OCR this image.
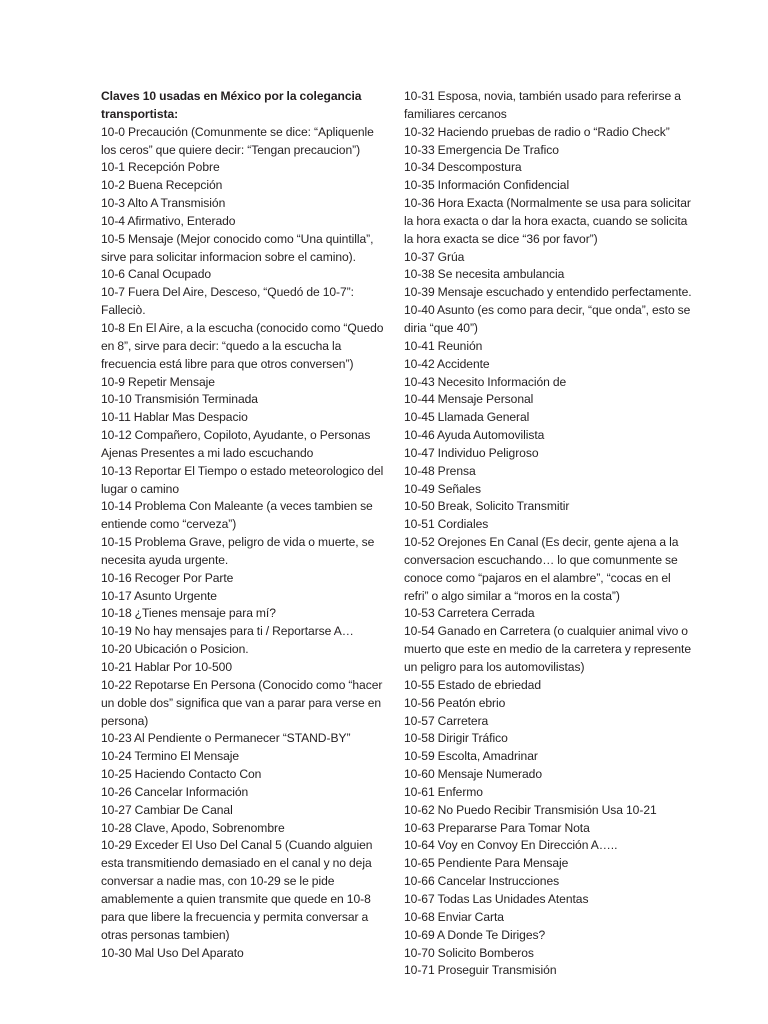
Claves 10 usadas en México por la colegancia transportista:
10-0 Precaución (Comunmente se dice: “Apliquenle los ceros” que quiere decir: “Tengan precaucion”)
10-1 Recepción Pobre
10-2 Buena Recepción
10-3 Alto A Transmisión
10-4 Afirmativo, Enterado
10-5 Mensaje (Mejor conocido como “Una quintilla”, sirve para solicitar informacion sobre el camino).
10-6 Canal Ocupado
10-7 Fuera Del Aire, Desceso, “Quedó de 10-7”: Falleciò.
10-8 En El Aire, a la escucha (conocido como “Quedo en 8”, sirve para decir: “quedo a la escucha la frecuencia está libre para que otros conversen”)
10-9 Repetir Mensaje
10-10 Transmisión Terminada
10-11 Hablar Mas Despacio
10-12 Compañero, Copiloto, Ayudante, o Personas Ajenas Presentes a mi lado escuchando
10-13 Reportar El Tiempo o estado meteorologico del lugar o camino
10-14 Problema Con Maleante (a veces tambien se entiende como “cerveza”)
10-15 Problema Grave, peligro de vida o muerte, se necesita ayuda urgente.
10-16 Recoger Por Parte
10-17 Asunto Urgente
10-18 ¿Tienes mensaje para mí?
10-19 No hay mensajes para ti / Reportarse A…
10-20 Ubicación o Posicion.
10-21 Hablar Por 10-500
10-22 Repotarse En Persona (Conocido como “hacer un doble dos” significa que van a parar para verse en persona)
10-23 Al Pendiente o Permanecer “STAND-BY”
10-24 Termino El Mensaje
10-25 Haciendo Contacto Con
10-26 Cancelar Información
10-27 Cambiar De Canal
10-28 Clave, Apodo, Sobrenombre
10-29 Exceder El Uso Del Canal 5 (Cuando alguien esta transmitiendo demasiado en el canal y no deja conversar a nadie mas, con 10-29 se le pide amablemente a quien transmite que quede en 10-8 para que libere la frecuencia y permita conversar a otras personas tambien)
10-30 Mal Uso Del Aparato
10-31 Esposa, novia, también usado para referirse a familiares cercanos
10-32 Haciendo pruebas de radio o “Radio Check”
10-33 Emergencia De Trafico
10-34 Descompostura
10-35 Información Confidencial
10-36 Hora Exacta (Normalmente se usa para solicitar la hora exacta o dar la hora exacta, cuando se solicita la hora exacta se dice “36 por favor”)
10-37 Grúa
10-38 Se necesita ambulancia
10-39 Mensaje escuchado y entendido perfectamente.
10-40 Asunto (es como para decir, “que onda”, esto se diria “que 40”)
10-41 Reunión
10-42 Accidente
10-43 Necesito Información de
10-44 Mensaje Personal
10-45 Llamada General
10-46 Ayuda Automovilista
10-47 Individuo Peligroso
10-48 Prensa
10-49 Señales
10-50 Break, Solicito Transmitir
10-51 Cordiales
10-52 Orejones En Canal (Es decir, gente ajena a la conversacion escuchando… lo que comunmente se conoce como “pajaros en el alambre”, “cocas en el refri” o algo similar a “moros en la costa”)
10-53 Carretera Cerrada
10-54 Ganado en Carretera (o cualquier animal vivo o muerto que este en medio de la carretera y represente un peligro para los automovilistas)
10-55 Estado de ebriedad
10-56 Peatón ebrio
10-57 Carretera
10-58 Dirigir Tráfico
10-59 Escolta, Amadrinar
10-60 Mensaje Numerado
10-61 Enfermo
10-62 No Puedo Recibir Transmisión Usa 10-21
10-63 Prepararse Para Tomar Nota
10-64 Voy en Convoy En Dirección A…..
10-65 Pendiente Para Mensaje
10-66 Cancelar Instrucciones
10-67 Todas Las Unidades Atentas
10-68 Enviar Carta
10-69 A Donde Te Diriges?
10-70 Solicito Bomberos
10-71 Proseguir Transmisión
